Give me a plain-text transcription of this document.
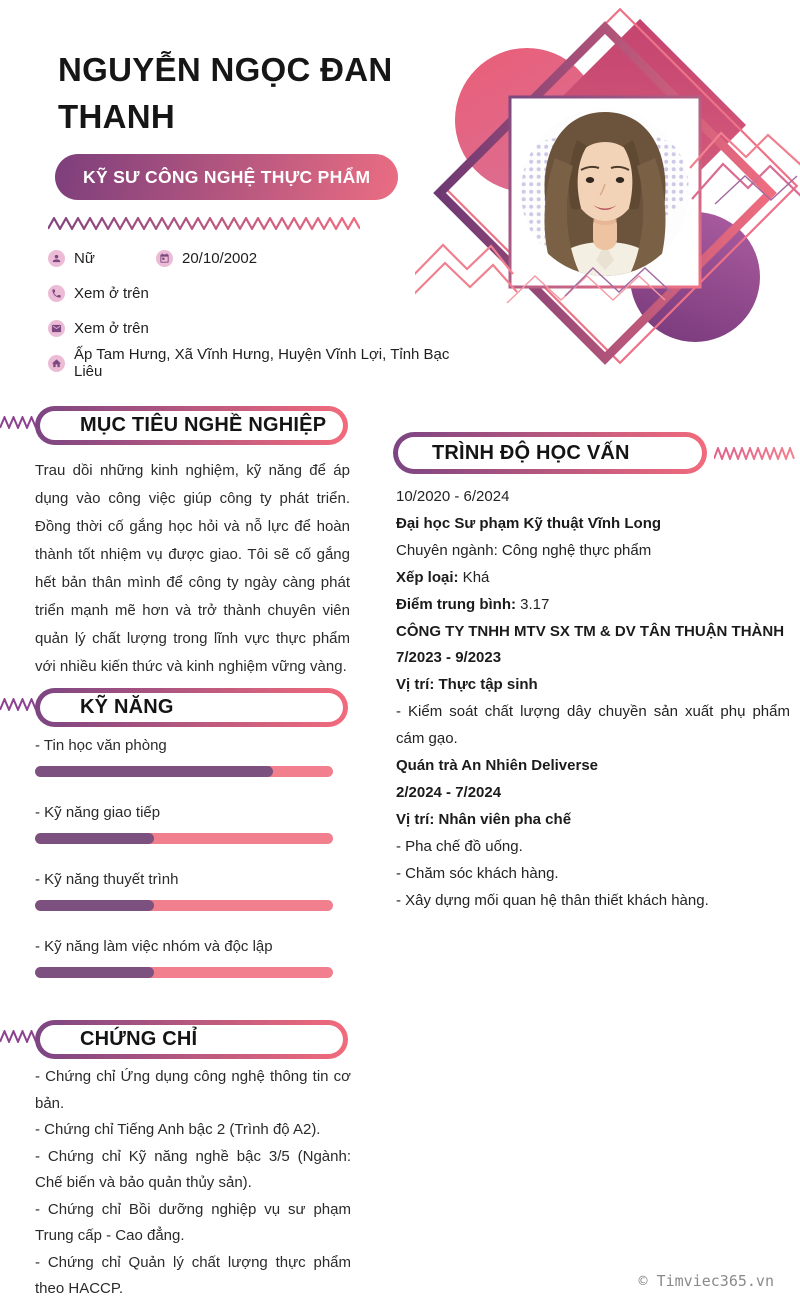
NGUYỄN NGỌC ĐAN THANH
KỸ SƯ CÔNG NGHỆ THỰC PHẨM
Nữ	20/10/2002
Xem ở trên
Xem ở trên
Ấp Tam Hưng, Xã Vĩnh Hưng, Huyện Vĩnh Lợi, Tỉnh Bạc Liêu
MỤC TIÊU NGHỀ NGHIỆP

Trau dồi những kinh nghiệm, kỹ năng để áp dụng vào công việc giúp công ty phát triển. Đồng thời cố gắng học hỏi và nỗ lực để hoàn thành tốt nhiệm vụ được giao. Tôi sẽ cố gắng hết bản thân mình để công ty ngày càng phát triển mạnh mẽ hơn và trở thành chuyên viên quản lý chất lượng trong lĩnh vực thực phẩm với nhiều kiến thức và kinh nghiệm vững vàng.

KỸ NĂNG
- Tin học văn phòng
- Kỹ năng giao tiếp
- Kỹ năng thuyết trình
- Kỹ năng làm việc nhóm và độc lập
CHỨNG CHỈ
- Chứng chỉ Ứng dụng công nghệ thông tin cơ bản.
- Chứng chỉ Tiếng Anh bậc 2 (Trình độ A2).
- Chứng chỉ Kỹ năng nghề bậc 3/5 (Ngành: Chế biến và bảo quản thủy sản).
- Chứng chỉ Bồi dưỡng nghiệp vụ sư phạm Trung cấp - Cao đẳng.
- Chứng chỉ Quản lý chất lượng thực phẩm theo HACCP.
TRÌNH ĐỘ HỌC VẤN
10/2020 - 6/2024
Đại học Sư phạm Kỹ thuật Vĩnh Long
Chuyên ngành: Công nghệ thực phẩm
Xếp loại: Khá
Điểm trung bình: 3.17
CÔNG TY TNHH MTV SX TM & DV TÂN THUẬN THÀNH
7/2023 - 9/2023
Vị trí: Thực tập sinh
- Kiểm soát chất lượng dây chuyền sản xuất phụ phẩm cám gạo.
Quán trà An Nhiên Deliverse
2/2024 - 7/2024
Vị trí: Nhân viên pha chế
- Pha chế đồ uống.
- Chăm sóc khách hàng.
- Xây dựng mối quan hệ thân thiết khách hàng.
© Timviec365.vn
